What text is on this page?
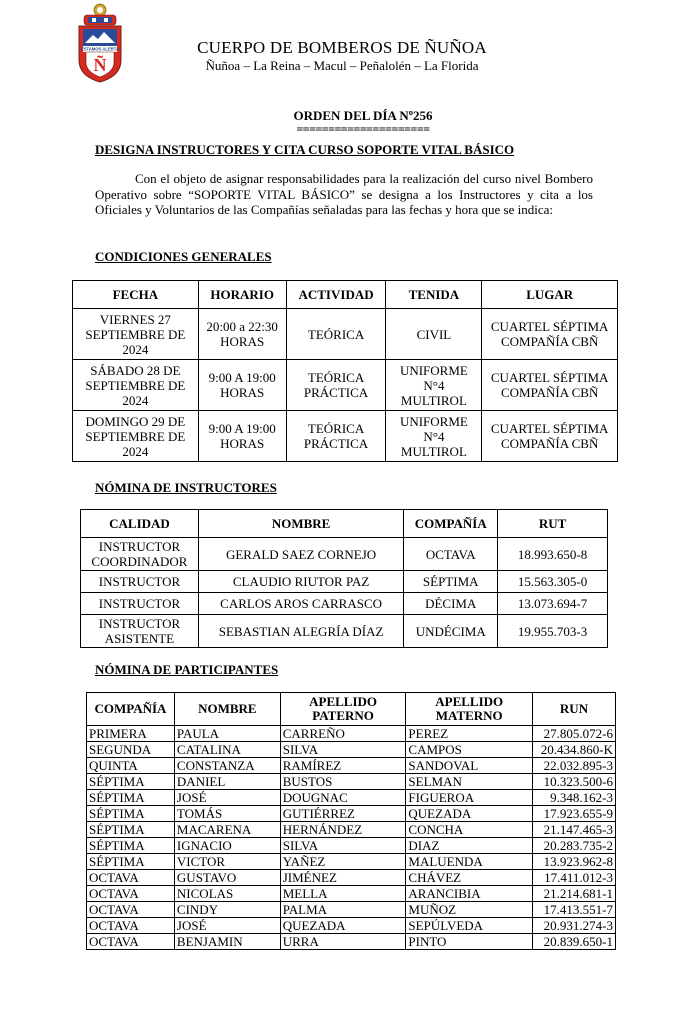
ESTAMOS ALERTA
Ñ
CUERPO DE BOMBEROS DE ÑUÑOA
Ñuñoa – La Reina – Macul – Peñalolén – La Florida
ORDEN DEL DÍA Nº256
=====================
DESIGNA INSTRUCTORES Y CITA CURSO SOPORTE VITAL BÁSICO

Con el objeto de asignar responsabilidades para la realización del curso nivel Bombero Operativo sobre “SOPORTE VITAL BÁSICO” se designa a los Instructores y cita a los Oficiales y Voluntarios de las Compañías señaladas para las fechas y hora que se indica:

CONDICIONES GENERALES
FECHA	HORARIO	ACTIVIDAD	TENIDA	LUGAR
VIERNES 27 SEPTIEMBRE DE 2024	20:00 a 22:30 HORAS	TEÓRICA	CIVIL	CUARTEL SÉPTIMA COMPAÑÍA CBÑ
SÁBADO 28 DE SEPTIEMBRE DE 2024	9:00 A 19:00 HORAS	TEÓRICA PRÁCTICA	UNIFORME N°4 MULTIROL	CUARTEL SÉPTIMA COMPAÑÍA CBÑ
DOMINGO 29 DE SEPTIEMBRE DE 2024	9:00 A 19:00 HORAS	TEÓRICA PRÁCTICA	UNIFORME N°4 MULTIROL	CUARTEL SÉPTIMA COMPAÑÍA CBÑ
NÓMINA DE INSTRUCTORES
CALIDAD	NOMBRE	COMPAÑÍA	RUT
INSTRUCTOR COORDINADOR	GERALD SAEZ CORNEJO	OCTAVA	18.993.650-8
INSTRUCTOR	CLAUDIO RIUTOR PAZ	SÉPTIMA	15.563.305-0
INSTRUCTOR	CARLOS AROS CARRASCO	DÉCIMA	13.073.694-7
INSTRUCTOR ASISTENTE	SEBASTIAN ALEGRÍA DÍAZ	UNDÉCIMA	19.955.703-3
NÓMINA DE PARTICIPANTES
COMPAÑÍA	NOMBRE	APELLIDO PATERNO	APELLIDO MATERNO	RUN
PRIMERA	PAULA	CARREÑO	PEREZ	27.805.072-6
SEGUNDA	CATALINA	SILVA	CAMPOS	20.434.860-K
QUINTA	CONSTANZA	RAMÍREZ	SANDOVAL	22.032.895-3
SÉPTIMA	DANIEL	BUSTOS	SELMAN	10.323.500-6
SÉPTIMA	JOSÉ	DOUGNAC	FIGUEROA	9.348.162-3
SÉPTIMA	TOMÁS	GUTIÉRREZ	QUEZADA	17.923.655-9
SÉPTIMA	MACARENA	HERNÁNDEZ	CONCHA	21.147.465-3
SÉPTIMA	IGNACIO	SILVA	DIAZ	20.283.735-2
SÉPTIMA	VICTOR	YAÑEZ	MALUENDA	13.923.962-8
OCTAVA	GUSTAVO	JIMÉNEZ	CHÁVEZ	17.411.012-3
OCTAVA	NICOLAS	MELLA	ARANCIBIA	21.214.681-1
OCTAVA	CINDY	PALMA	MUÑOZ	17.413.551-7
OCTAVA	JOSÉ	QUEZADA	SEPÚLVEDA	20.931.274-3
OCTAVA	BENJAMIN	URRA	PINTO	20.839.650-1
